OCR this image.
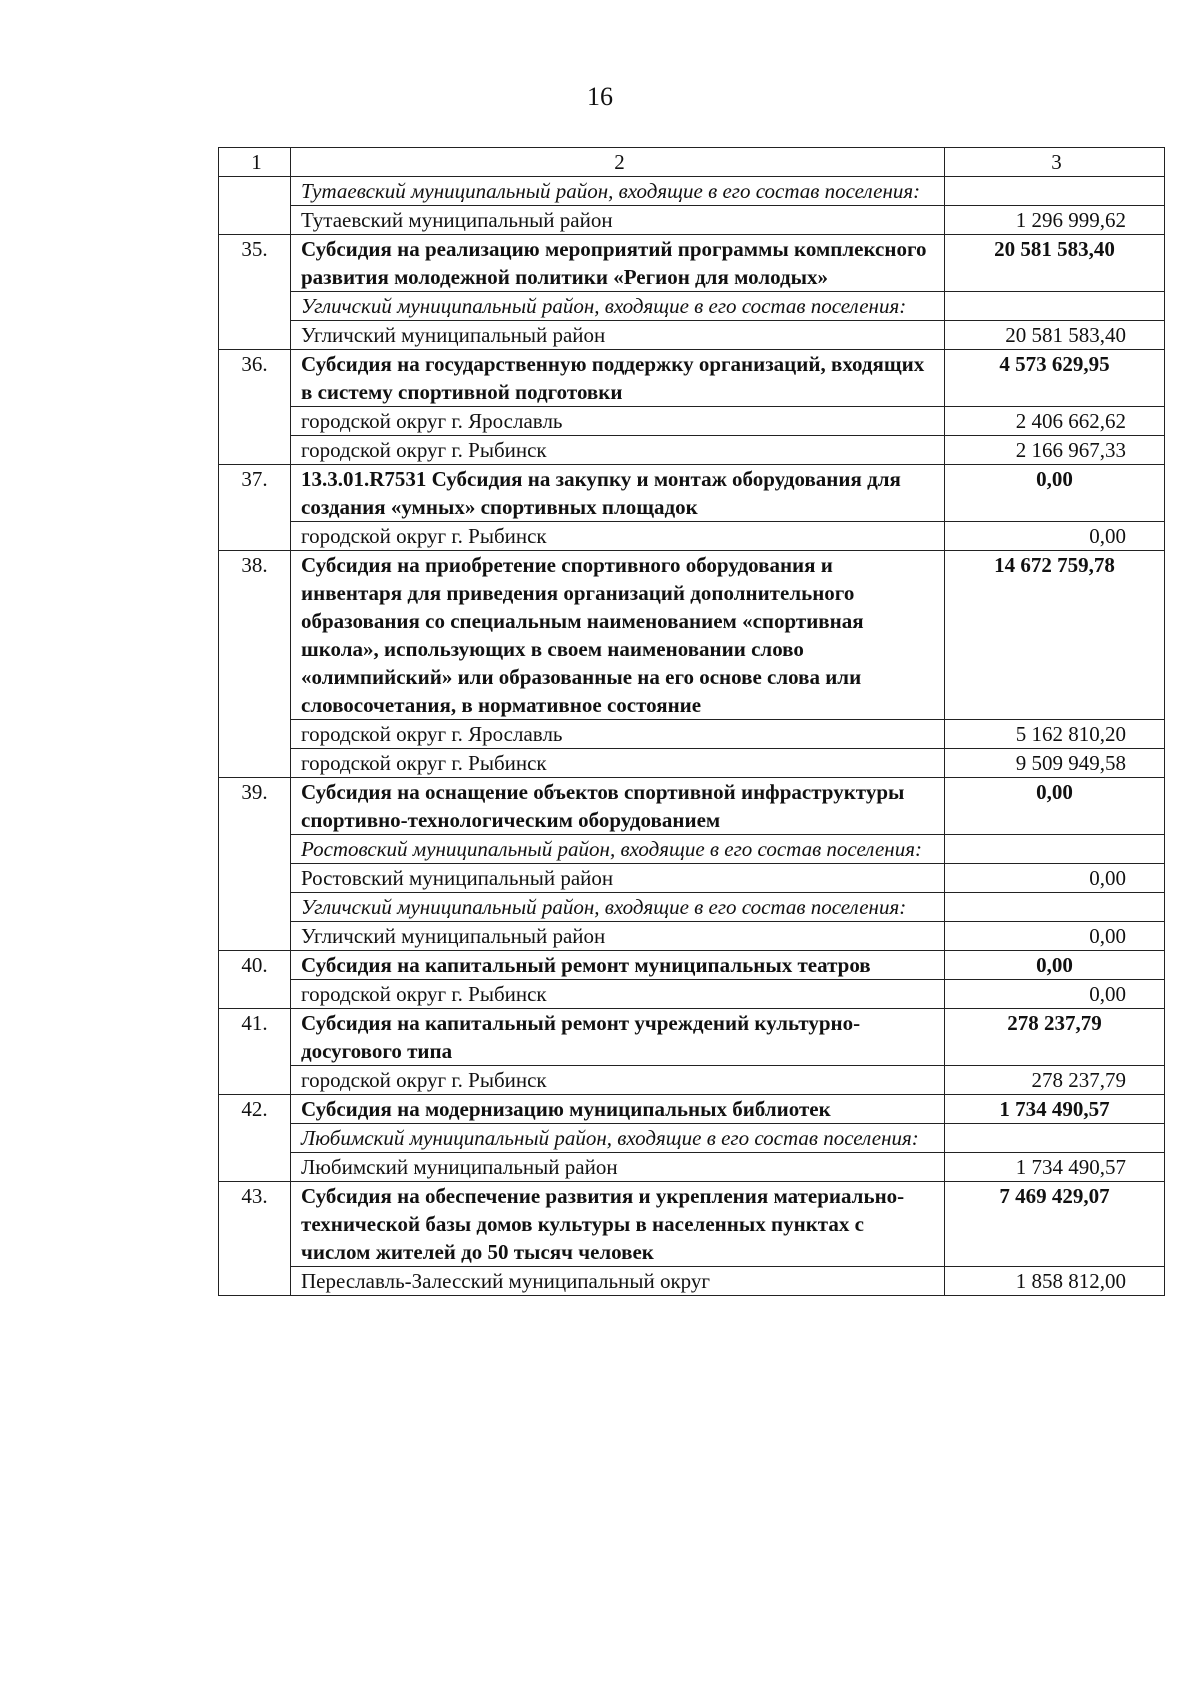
16
1	2	3
	Тутаевский муниципальный район, входящие в его состав поселения:	
	Тутаевский муниципальный район	1 296 999,62
35.	Субсидия на реализацию мероприятий программы комплексного развития молодежной политики «Регион для молодых»	20 581 583,40
	Угличский муниципальный район, входящие в его состав поселения:	
	Угличский муниципальный район	20 581 583,40
36.	Субсидия на государственную поддержку организаций, входящих в систему спортивной подготовки	4 573 629,95
	городской округ г. Ярославль	2 406 662,62
	городской округ г. Рыбинск	2 166 967,33
37.	13.3.01.R7531 Субсидия на закупку и монтаж оборудования для создания «умных» спортивных площадок	0,00
	городской округ г. Рыбинск	0,00
38.	Субсидия на приобретение спортивного оборудования и инвентаря для приведения организаций дополнительного образования со специальным наименованием «спортивная школа», использующих в своем наименовании слово «олимпийский» или образованные на его основе слова или словосочетания, в нормативное состояние	14 672 759,78
	городской округ г. Ярославль	5 162 810,20
	городской округ г. Рыбинск	9 509 949,58
39.	Субсидия на оснащение объектов спортивной инфраструктуры спортивно-технологическим оборудованием	0,00
	Ростовский муниципальный район, входящие в его состав поселения:	
	Ростовский муниципальный район	0,00
	Угличский муниципальный район, входящие в его состав поселения:	
	Угличский муниципальный район	0,00
40.	Субсидия на капитальный ремонт муниципальных театров	0,00
	городской округ г. Рыбинск	0,00
41.	Субсидия на капитальный ремонт учреждений культурно-досугового типа	278 237,79
	городской округ г. Рыбинск	278 237,79
42.	Субсидия на модернизацию муниципальных библиотек	1 734 490,57
	Любимский муниципальный район, входящие в его состав поселения:	
	Любимский муниципальный район	1 734 490,57
43.	Субсидия на обеспечение развития и укрепления материально-технической базы домов культуры в населенных пунктах с числом жителей до 50 тысяч человек	7 469 429,07
	Переславль-Залесский муниципальный округ	1 858 812,00
